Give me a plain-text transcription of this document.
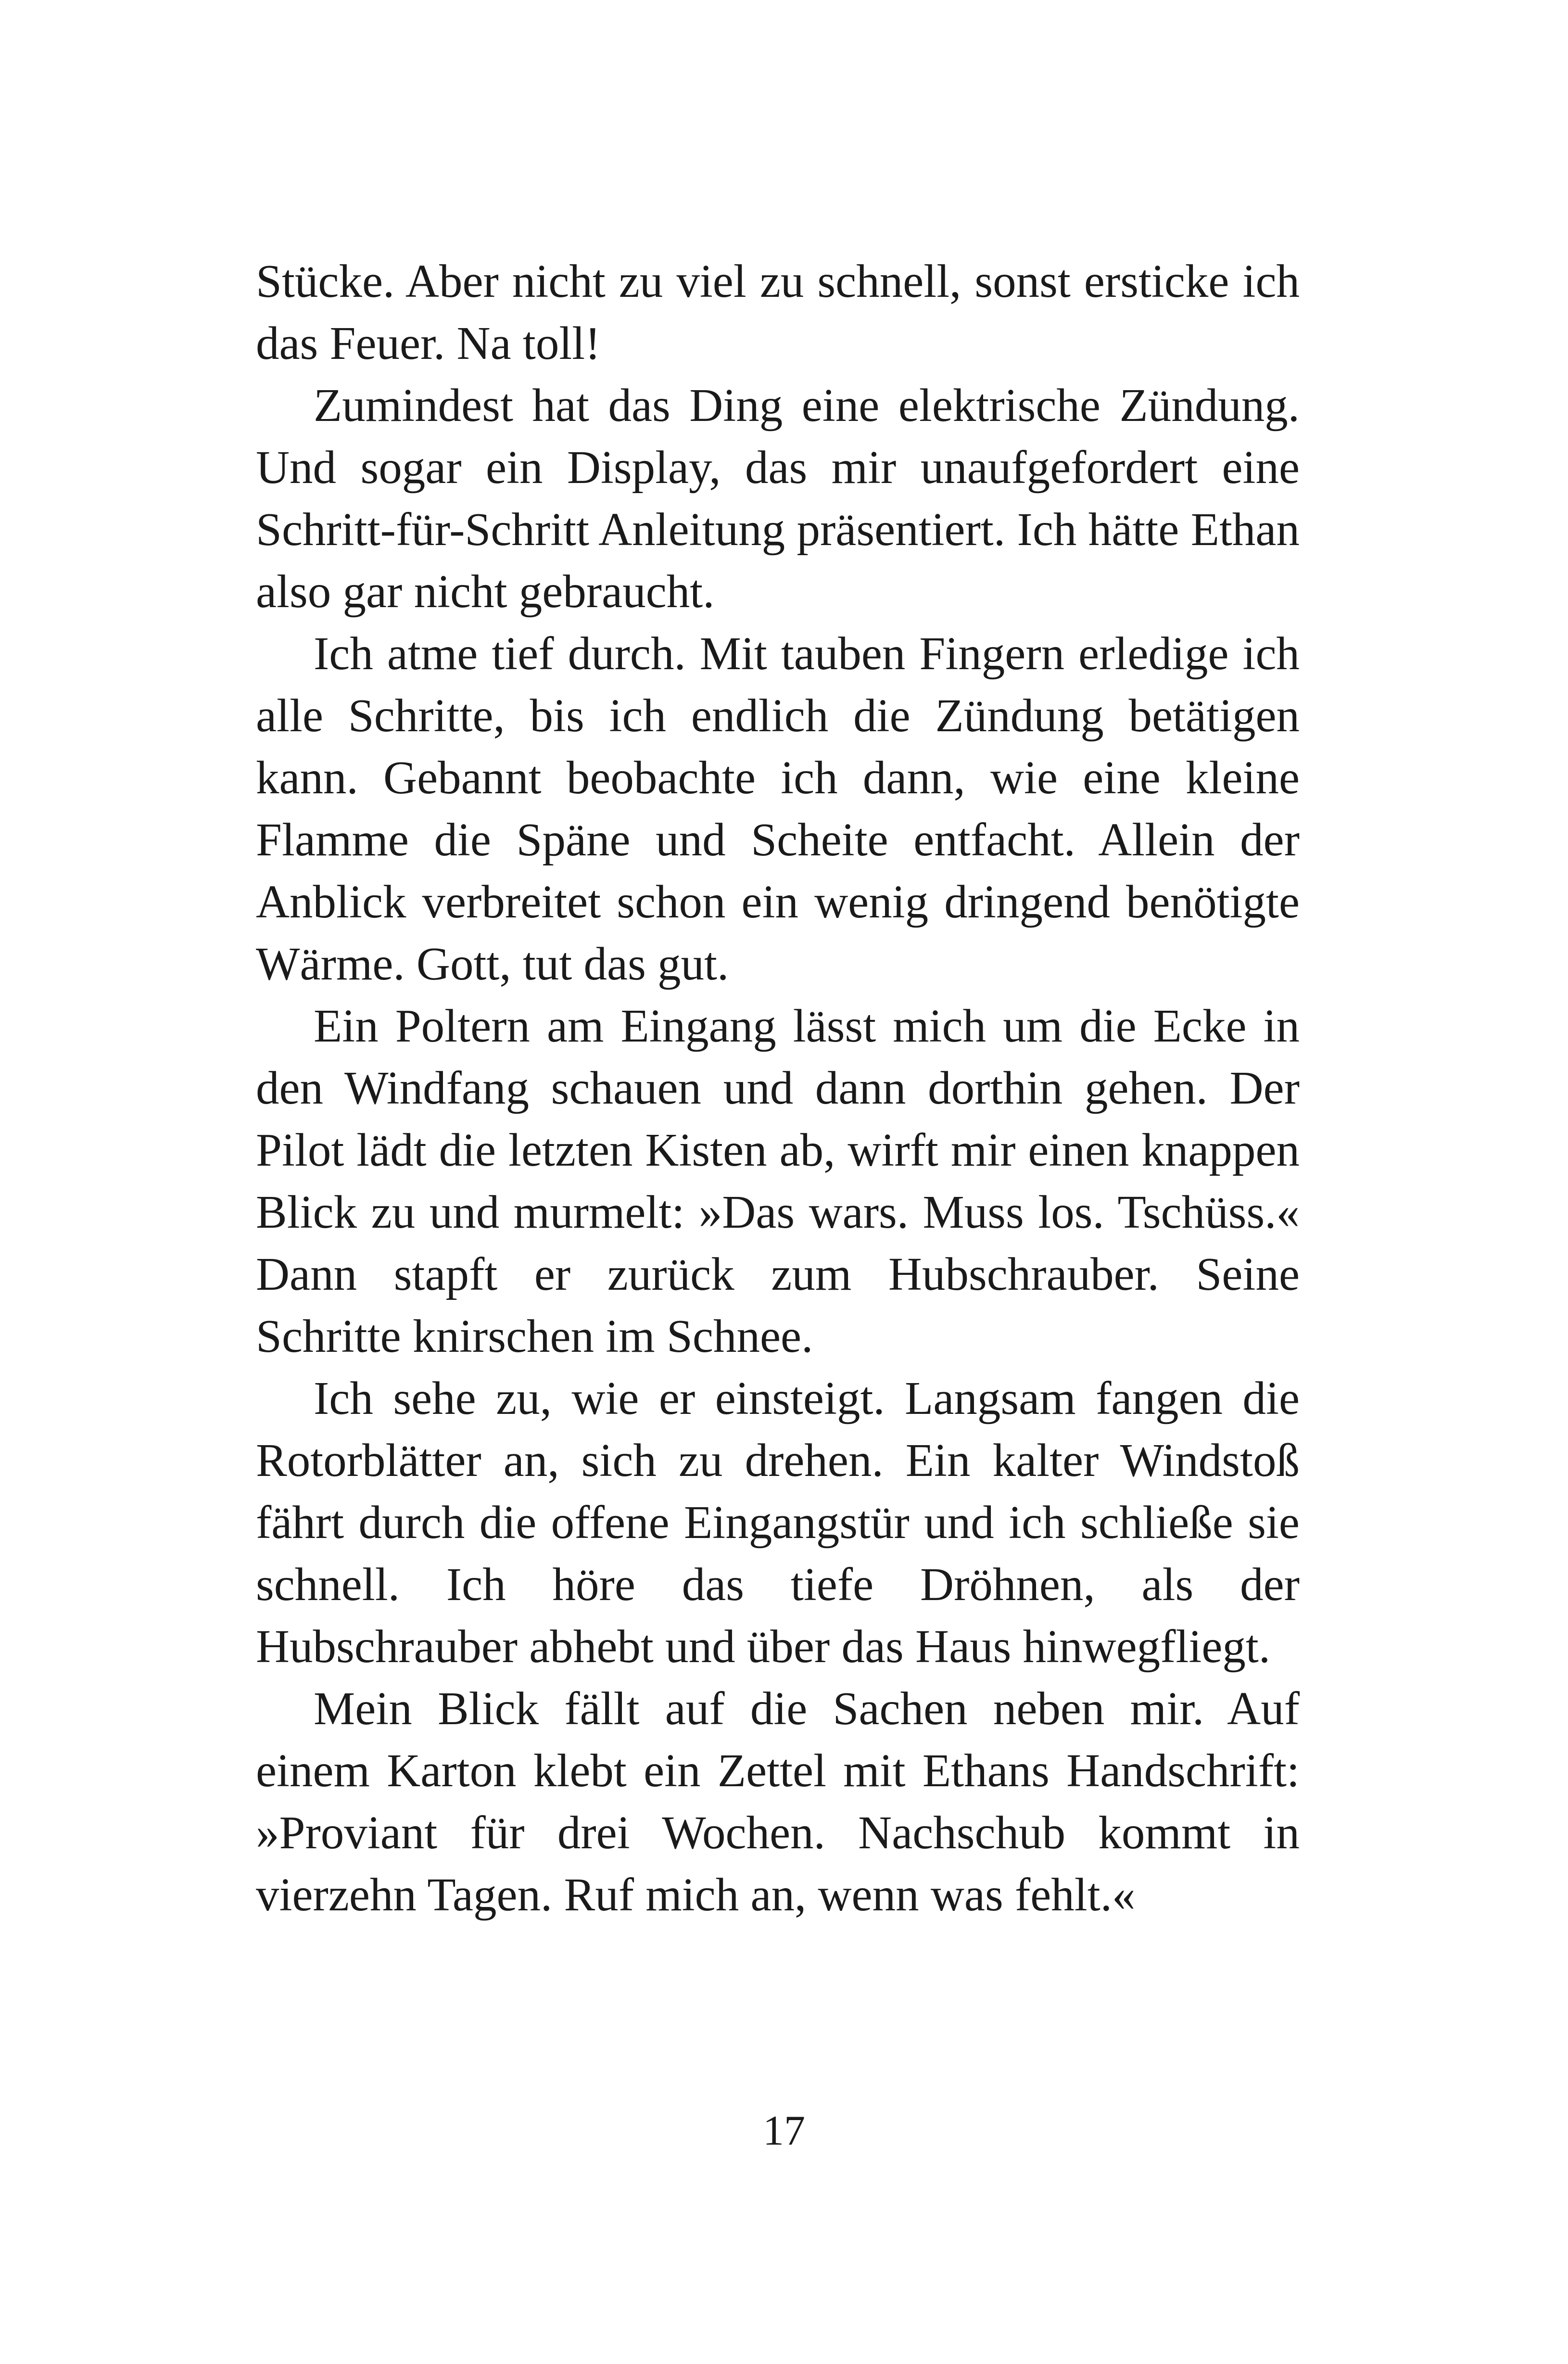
Stücke. Aber nicht zu viel zu schnell, sonst ersticke ich das Feuer. Na toll!

Zumindest hat das Ding eine elektrische Zündung. Und sogar ein Display, das mir unaufgefordert eine Schritt-für-Schritt Anleitung präsentiert. Ich hätte Ethan also gar nicht gebraucht.

Ich atme tief durch. Mit tauben Fingern erledige ich alle Schritte, bis ich endlich die Zündung betätigen kann. Gebannt beobachte ich dann, wie eine kleine Flamme die Späne und Scheite entfacht. Allein der Anblick verbreitet schon ein wenig dringend benötigte Wärme. Gott, tut das gut.

Ein Poltern am Eingang lässt mich um die Ecke in den Windfang schauen und dann dorthin gehen. Der Pilot lädt die letzten Kisten ab, wirft mir einen knappen Blick zu und murmelt: »Das wars. Muss los. Tschüss.« Dann stapft er zurück zum Hubschrauber. Seine Schritte knirschen im Schnee.

Ich sehe zu, wie er einsteigt. Langsam fangen die Rotorblätter an, sich zu drehen. Ein kalter Windstoß fährt durch die offene Eingangstür und ich schließe sie schnell. Ich höre das tiefe Dröhnen, als der Hubschrauber abhebt und über das Haus hinwegfliegt.

Mein Blick fällt auf die Sachen neben mir. Auf einem Karton klebt ein Zettel mit Ethans Handschrift: »Proviant für drei Wochen. Nachschub kommt in vierzehn Tagen. Ruf mich an, wenn was fehlt.«

17
